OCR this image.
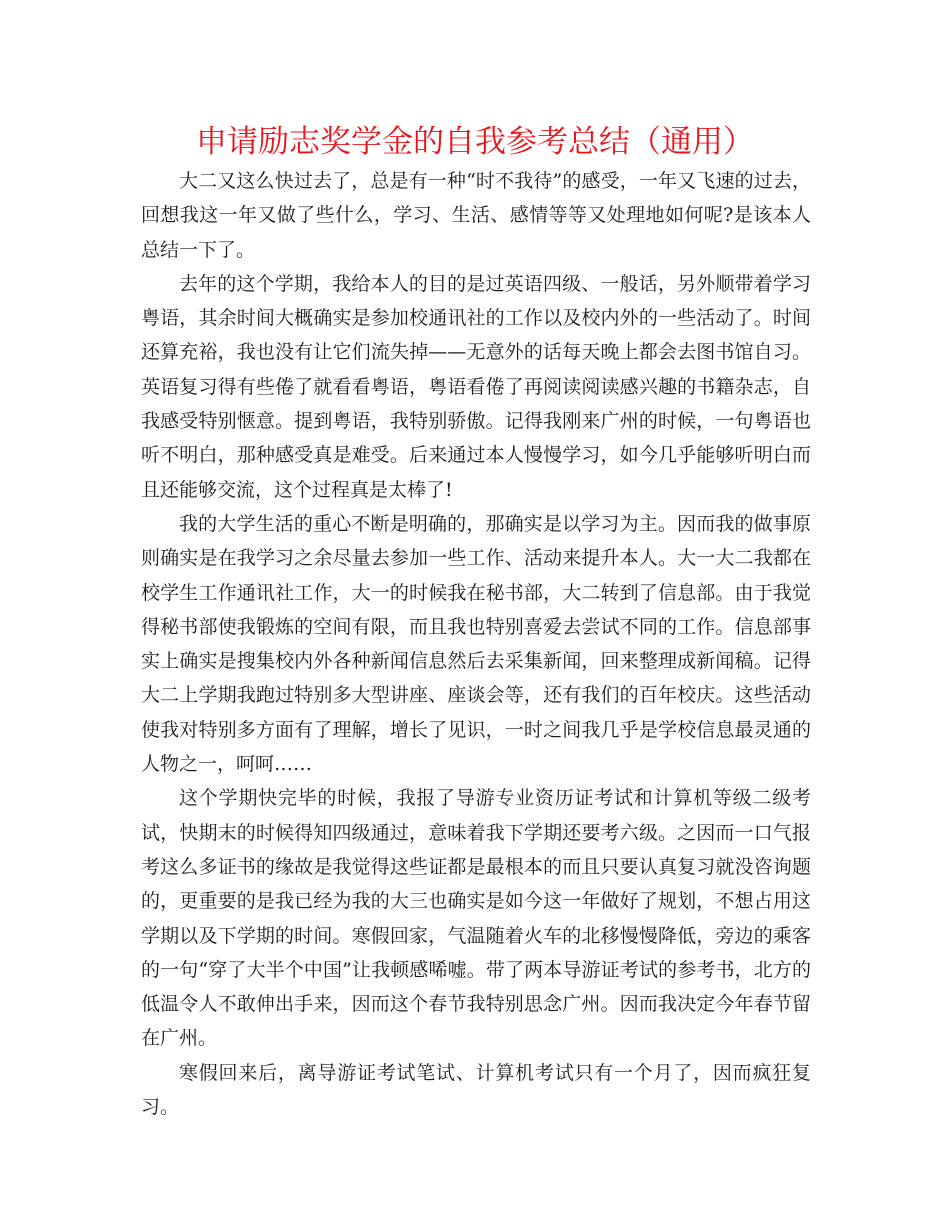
申请励志奖学金的自我参考总结（通用）

大二又这么快过去了，总是有一种“时不我待”的感受，一年又飞速的过去，回想我这一年又做了些什么，学习、生活、感情等等又处理地如何呢?是该本人总结一下了。

去年的这个学期，我给本人的目的是过英语四级、一般话，另外顺带着学习粤语，其余时间大概确实是参加校通讯社的工作以及校内外的一些活动了。时间还算充裕，我也没有让它们流失掉——无意外的话每天晚上都会去图书馆自习。英语复习得有些倦了就看看粤语，粤语看倦了再阅读阅读感兴趣的书籍杂志，自我感受特别惬意。提到粤语，我特别骄傲。记得我刚来广州的时候，一句粤语也听不明白，那种感受真是难受。后来通过本人慢慢学习，如今几乎能够听明白而且还能够交流，这个过程真是太棒了!

我的大学生活的重心不断是明确的，那确实是以学习为主。因而我的做事原则确实是在我学习之余尽量去参加一些工作、活动来提升本人。大一大二我都在校学生工作通讯社工作，大一的时候我在秘书部，大二转到了信息部。由于我觉得秘书部使我锻炼的空间有限，而且我也特别喜爱去尝试不同的工作。信息部事实上确实是搜集校内外各种新闻信息然后去采集新闻，回来整理成新闻稿。记得大二上学期我跑过特别多大型讲座、座谈会等，还有我们的百年校庆。这些活动使我对特别多方面有了理解，增长了见识，一时之间我几乎是学校信息最灵通的人物之一，呵呵……

这个学期快完毕的时候，我报了导游专业资历证考试和计算机等级二级考试，快期末的时候得知四级通过，意味着我下学期还要考六级。之因而一口气报考这么多证书的缘故是我觉得这些证都是最根本的而且只要认真复习就没咨询题的，更重要的是我已经为我的大三也确实是如今这一年做好了规划，不想占用这学期以及下学期的时间。寒假回家，气温随着火车的北移慢慢降低，旁边的乘客的一句“穿了大半个中国”让我顿感唏嘘。带了两本导游证考试的参考书，北方的低温令人不敢伸出手来，因而这个春节我特别思念广州。因而我决定今年春节留在广州。

寒假回来后，离导游证考试笔试、计算机考试只有一个月了，因而疯狂复习。
